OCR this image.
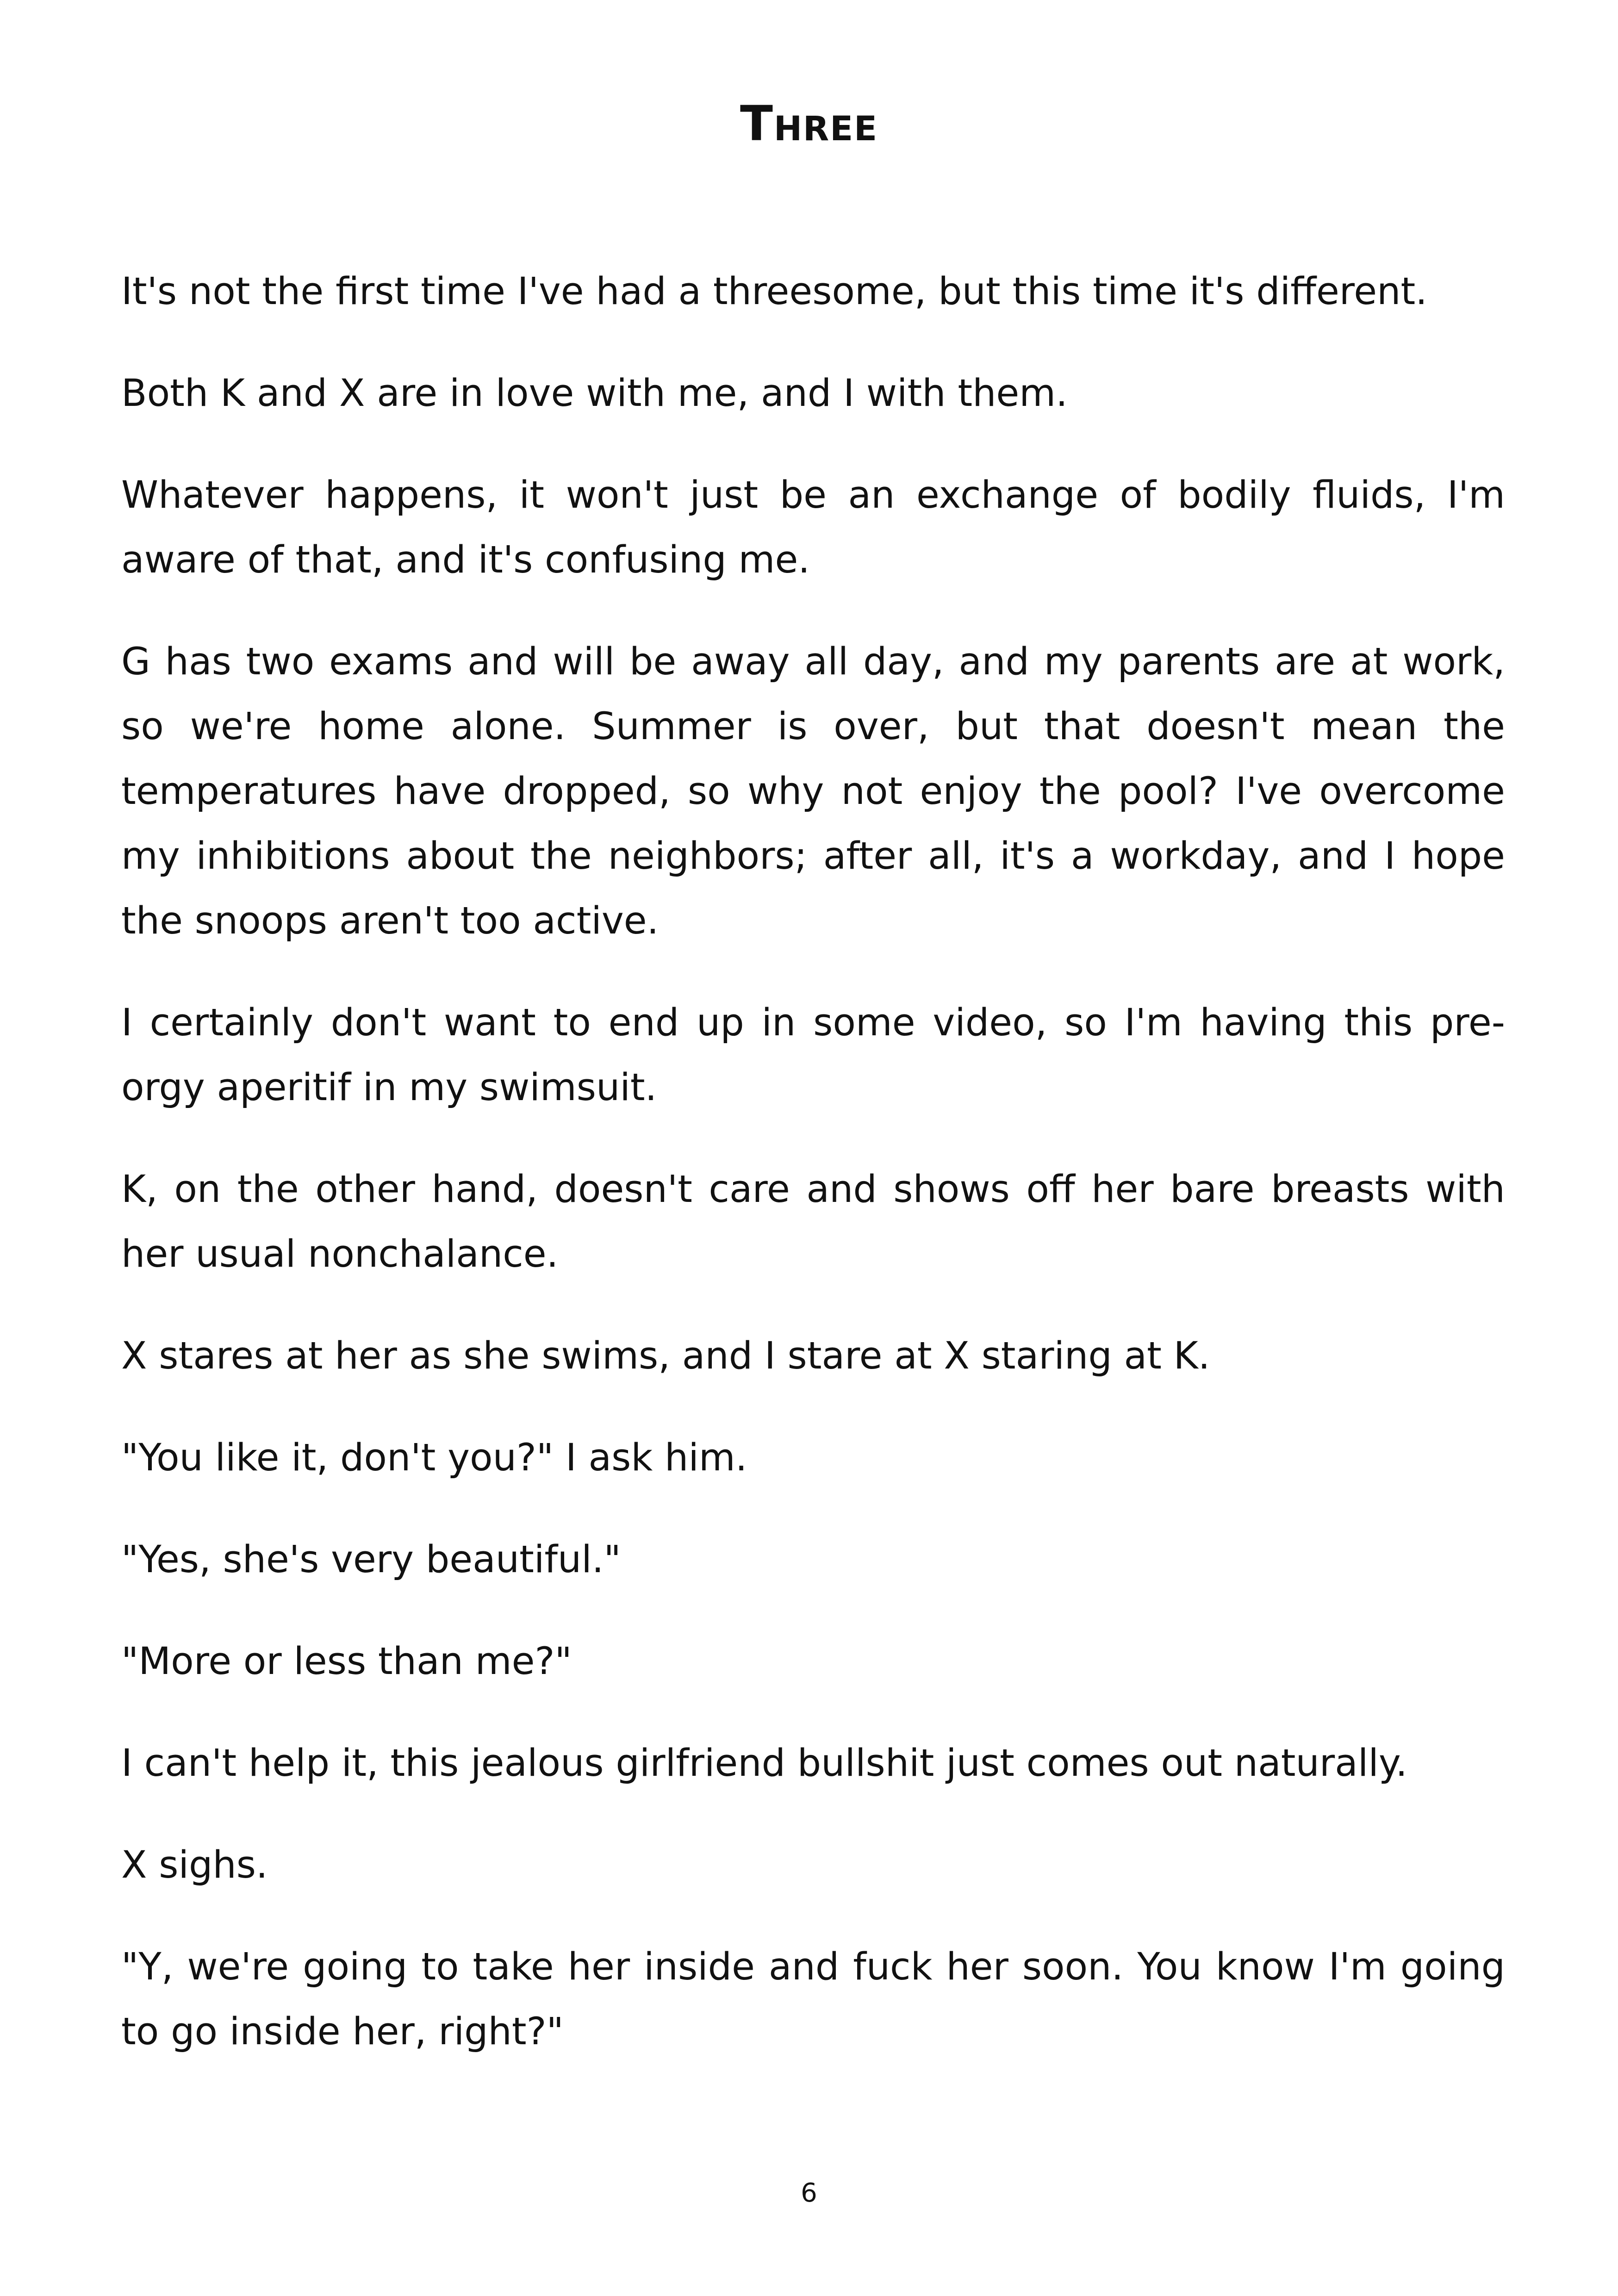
Three

It's not the first time I've had a threesome, but this time it's different.

Both K and X are in love with me, and I with them.

Whatever happens, it won't just be an exchange of bodily fluids, I'm aware of that, and it's confusing me.

G has two exams and will be away all day, and my parents are at work, so we're home alone. Summer is over, but that doesn't mean the temperatures have dropped, so why not enjoy the pool? I've overcome my inhibitions about the neighbors; after all, it's a workday, and I hope the snoops aren't too active.

I certainly don't want to end up in some video, so I'm having this pre-orgy aperitif in my swimsuit.

K, on the other hand, doesn't care and shows off her bare breasts with her usual nonchalance.

X stares at her as she swims, and I stare at X staring at K.

"You like it, don't you?" I ask him.

"Yes, she's very beautiful."

"More or less than me?"

I can't help it, this jealous girlfriend bullshit just comes out naturally.

X sighs.

"Y, we're going to take her inside and fuck her soon. You know I'm going to go inside her, right?"

6
